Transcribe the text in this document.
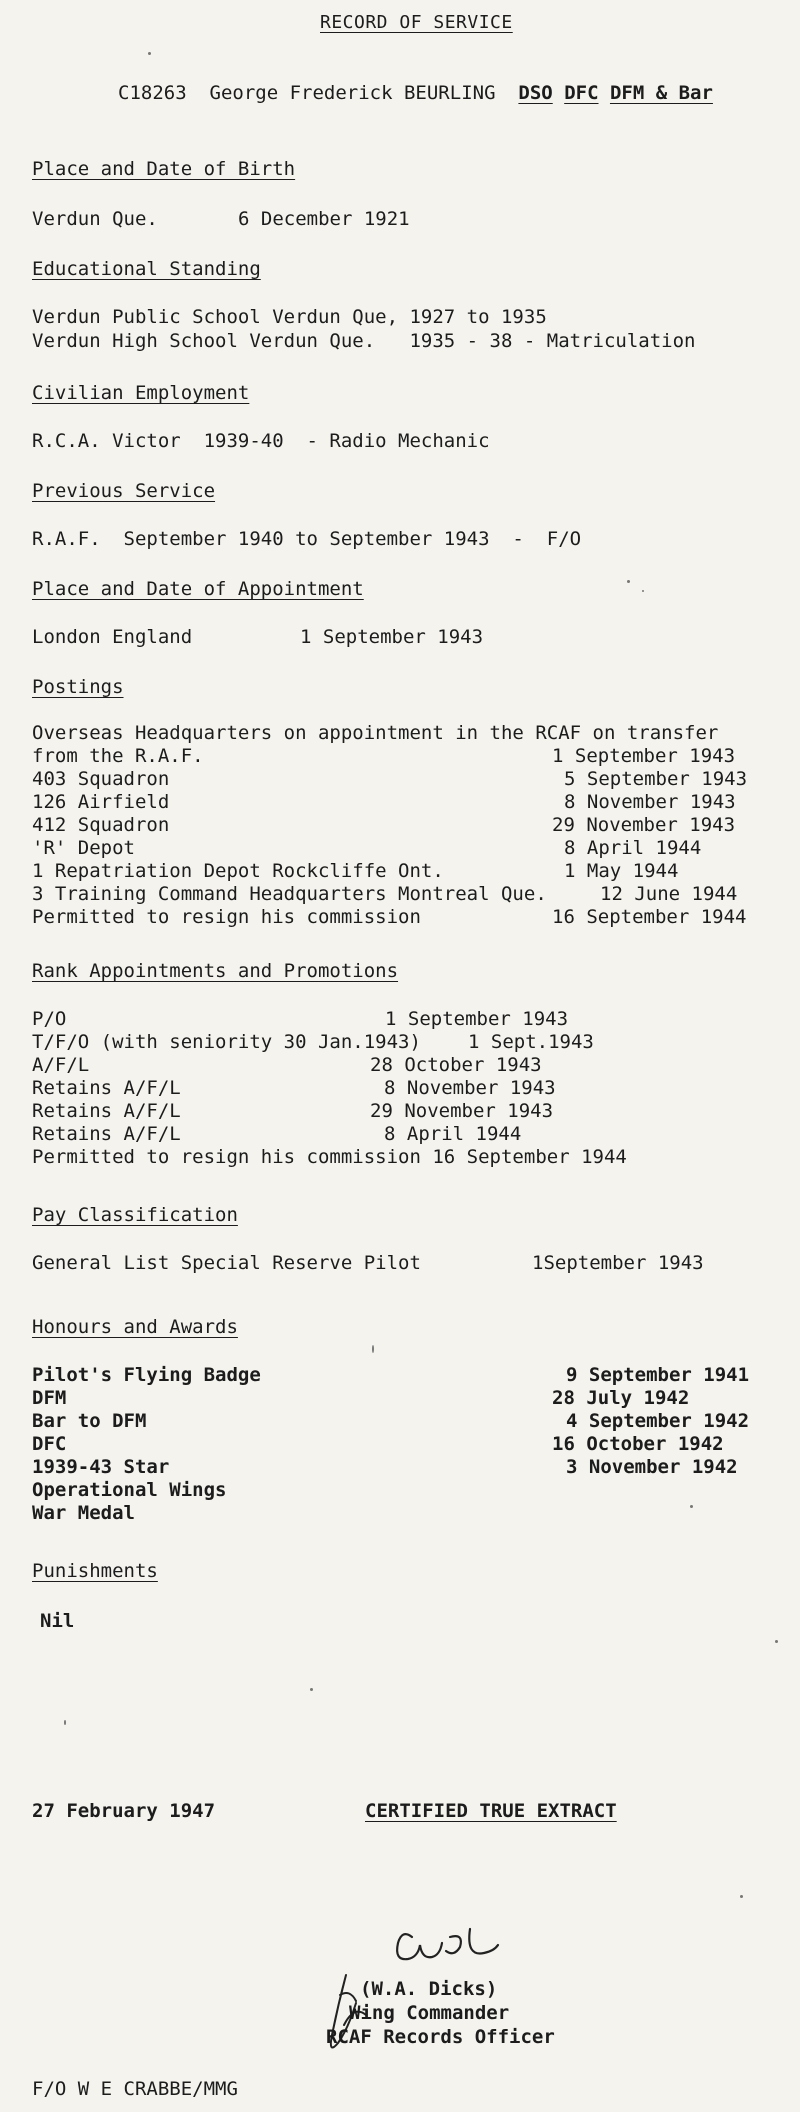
RECORD OF SERVICE
C18263 George Frederick BEURLING DSO DFC DFM & Bar
Place and Date of Birth
Verdun Que.	6 December 1921
Educational Standing
Verdun Public School Verdun Que, 1927 to 1935
Verdun High School Verdun Que.   1935 - 38 - Matriculation
Civilian Employment
R.C.A. Victor  1939-40  - Radio Mechanic
Previous Service
R.A.F.  September 1940 to September 1943  -  F/O
Place and Date of Appointment
London England	1 September 1943
Postings
Overseas Headquarters on appointment in the RCAF on transfer
from the R.A.F.	1 September 1943
403 Squadron	5 September 1943
126 Airfield	8 November 1943
412 Squadron	29 November 1943
'R' Depot	8 April 1944
1 Repatriation Depot Rockcliffe Ont.	1 May 1944
3 Training Command Headquarters Montreal Que.	12 June 1944
Permitted to resign his commission	16 September 1944
Rank Appointments and Promotions
P/O	1 September 1943
T/F/O (with seniority 30 Jan.1943) 1 Sept.1943
A/F/L	28 October 1943
Retains A/F/L	8 November 1943
Retains A/F/L	29 November 1943
Retains A/F/L	8 April 1944
Permitted to resign his commission 16 September 1944
Pay Classification
General List Special Reserve Pilot	1September 1943
Honours and Awards
Pilot's Flying Badge	9 September 1941
DFM	28 July 1942
Bar to DFM	4 September 1942
DFC	16 October 1942
1939-43 Star	3 November 1942
Operational Wings
War Medal
Punishments
Nil
27 February 1947	CERTIFIED TRUE EXTRACT
(W.A. Dicks)
Wing Commander
RCAF Records Officer
F/O W E CRABBE/MMG
